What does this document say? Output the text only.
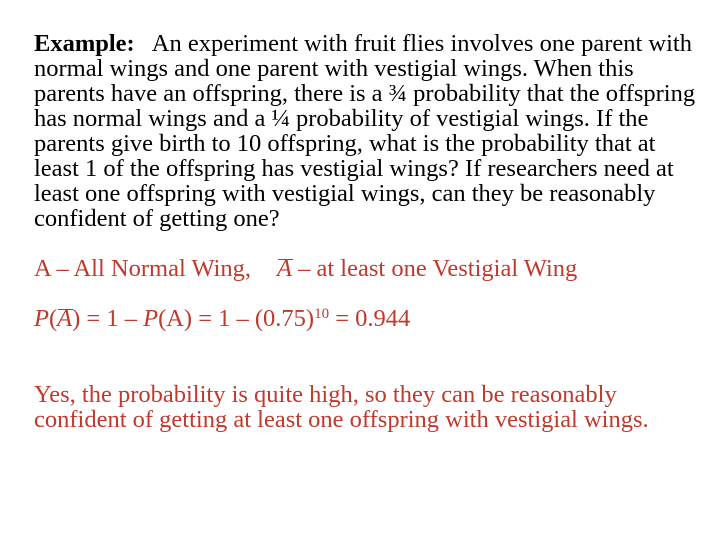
Example: An experiment with fruit flies involves one parent with normal wings and one parent with vestigial wings. When this parents have an offspring, there is a ¾ probability that the offspring has normal wings and a ¼ probability of vestigial wings. If the parents give birth to 10 offspring, what is the probability that at least 1 of the offspring has vestigial wings? If researchers need at least one offspring with vestigial wings, can they be reasonably confident of getting one?

A – All Normal Wing, A – at least one Vestigial Wing
$P(A) = 1 - P(A) = 1 - (0.75)^{10} = 0.944$
Yes, the probability is quite high, so they can be reasonably
confident of getting at least one offspring with vestigial wings.
